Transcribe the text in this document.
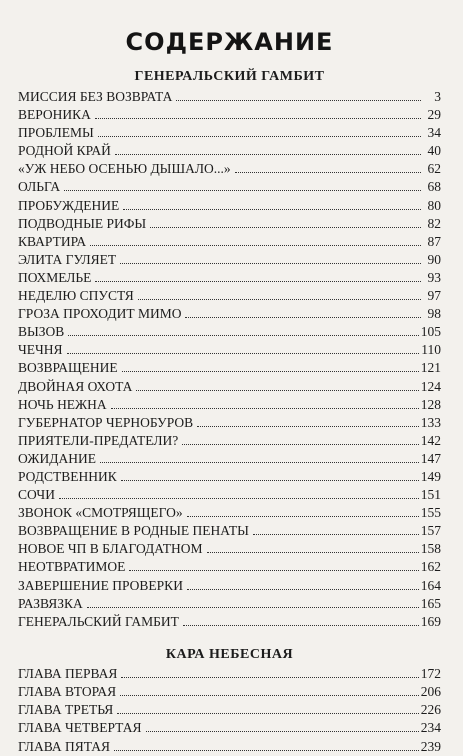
СОДЕРЖАНИЕ
ГЕНЕРАЛЬСКИЙ ГАМБИТ
МИССИЯ БЕЗ ВОЗВРАТА	3
ВЕРОНИКА	29
ПРОБЛЕМЫ	34
РОДНОЙ КРАЙ	40
«УЖ НЕБО ОСЕНЬЮ ДЫШАЛО...»	62
ОЛЬГА	68
ПРОБУЖДЕНИЕ	80
ПОДВОДНЫЕ РИФЫ	82
КВАРТИРА	87
ЭЛИТА ГУЛЯЕТ	90
ПОХМЕЛЬЕ	93
НЕДЕЛЮ СПУСТЯ	97
ГРОЗА ПРОХОДИТ МИМО	98
ВЫЗОВ	105
ЧЕЧНЯ	110
ВОЗВРАЩЕНИЕ	121
ДВОЙНАЯ ОХОТА	124
НОЧЬ НЕЖНА	128
ГУБЕРНАТОР ЧЕРНОБУРОВ	133
ПРИЯТЕЛИ-ПРЕДАТЕЛИ?	142
ОЖИДАНИЕ	147
РОДСТВЕННИК	149
СОЧИ	151
ЗВОНОК «СМОТРЯЩЕГО»	155
ВОЗВРАЩЕНИЕ В РОДНЫЕ ПЕНАТЫ	157
НОВОЕ ЧП В БЛАГОДАТНОМ	158
НЕОТВРАТИМОЕ	162
ЗАВЕРШЕНИЕ ПРОВЕРКИ	164
РАЗВЯЗКА	165
ГЕНЕРАЛЬСКИЙ ГАМБИТ	169
КАРА НЕБЕСНАЯ
ГЛАВА ПЕРВАЯ	172
ГЛАВА ВТОРАЯ	206
ГЛАВА ТРЕТЬЯ	226
ГЛАВА ЧЕТВЕРТАЯ	234
ГЛАВА ПЯТАЯ	239
